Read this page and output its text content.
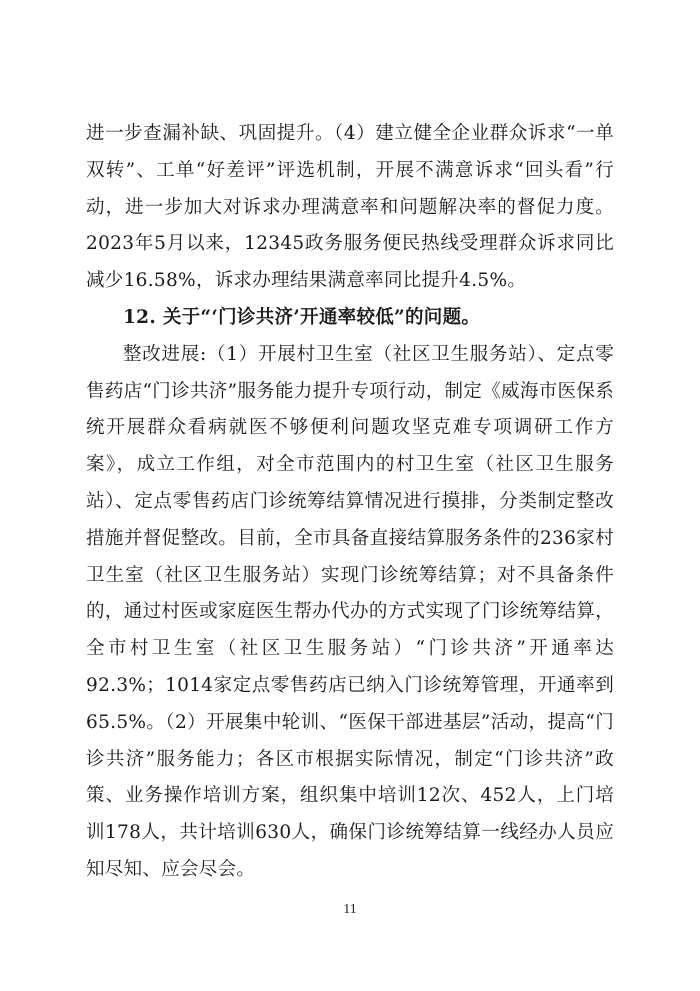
进一步查漏补缺、巩固提升。（4）建立健全企业群众诉求“一单双转”、工单“好差评”评选机制，开展不满意诉求“回头看”行动，进一步加大对诉求办理满意率和问题解决率的督促力度。2023年5月以来，12345政务服务便民热线受理群众诉求同比减少16.58%，诉求办理结果满意率同比提升4.5%。

12. 关于“‘门诊共济’开通率较低”的问题。

整改进展:（1）开展村卫生室（社区卫生服务站）、定点零售药店“门诊共济”服务能力提升专项行动，制定《威海市医保系统开展群众看病就医不够便利问题攻坚克难专项调研工作方案》，成立工作组，对全市范围内的村卫生室（社区卫生服务站）、定点零售药店门诊统筹结算情况进行摸排，分类制定整改措施并督促整改。目前，全市具备直接结算服务条件的236家村卫生室（社区卫生服务站）实现门诊统筹结算；对不具备条件的，通过村医或家庭医生帮办代办的方式实现了门诊统筹结算，全市村卫生室（社区卫生服务站）“门诊共济”开通率达92.3%；1014家定点零售药店已纳入门诊统筹管理，开通率到65.5%。（2）开展集中轮训、“医保干部进基层”活动，提高“门诊共济”服务能力；各区市根据实际情况，制定“门诊共济”政策、业务操作培训方案，组织集中培训12次、452人，上门培训178人，共计培训630人，确保门诊统筹结算一线经办人员应知尽知、应会尽会。

11
